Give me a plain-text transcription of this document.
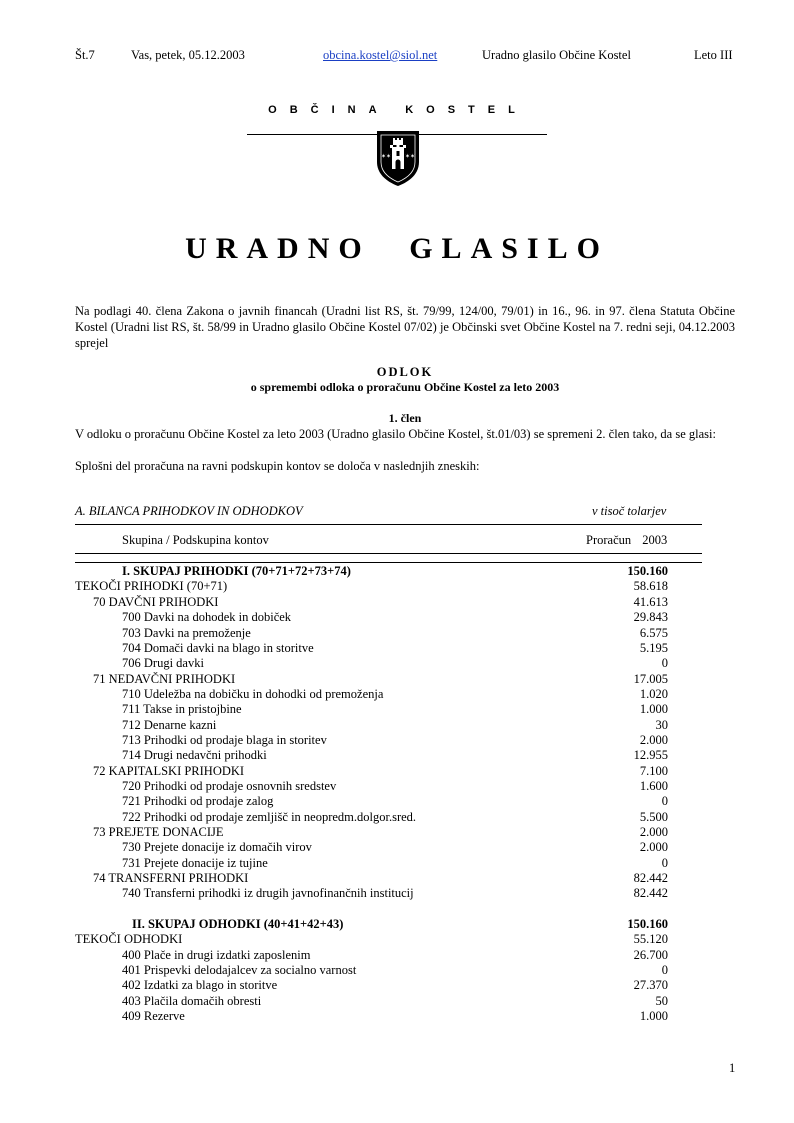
Št.7	Vas, petek, 05.12.2003	obcina.kostel@siol.net	Uradno glasilo Občine Kostel	Leto III
OBČINA KOSTEL
✶✶ ✶✶
URADNO GLASILO
Na podlagi 40. člena Zakona o javnih financah (Uradni list RS, št. 79/99, 124/00, 79/01) in 16., 96. in 97. člena Statuta Občine Kostel (Uradni list RS, št. 58/99 in Uradno glasilo Občine Kostel 07/02) je Občinski svet Občine Kostel na 7. redni seji, 04.12.2003 sprejel
ODLOK
o spremembi odloka o proračunu Občine Kostel za leto 2003
1. člen
V odloku o proračunu Občine Kostel za leto 2003 (Uradno glasilo Občine Kostel, št.01/03) se spremeni 2. člen tako, da se glasi:
Splošni del proračuna na ravni podskupin kontov se določa v naslednjih zneskih:
A. BILANCA PRIHODKOV IN ODHODKOV	v tisoč tolarjev
Skupina / Podskupina kontov	Proračun 2003
I. SKUPAJ PRIHODKI (70+71+72+73+74)	150.160
TEKOČI PRIHODKI (70+71)	58.618
70 DAVČNI PRIHODKI	41.613
700 Davki na dohodek in dobiček	29.843
703 Davki na premoženje	6.575
704 Domači davki na blago in storitve	5.195
706 Drugi davki	0
71 NEDAVČNI PRIHODKI	17.005
710 Udeležba na dobičku in dohodki od premoženja	1.020
711 Takse in pristojbine	1.000
712 Denarne kazni	30
713 Prihodki od prodaje blaga in storitev	2.000
714 Drugi nedavčni prihodki	12.955
72 KAPITALSKI PRIHODKI	7.100
720 Prihodki od prodaje osnovnih sredstev	1.600
721 Prihodki od prodaje zalog	0
722 Prihodki od prodaje zemljišč in neopredm.dolgor.sred.	5.500
73 PREJETE DONACIJE	2.000
730 Prejete donacije iz domačih virov	2.000
731 Prejete donacije iz tujine	0
74 TRANSFERNI PRIHODKI	82.442
740 Transferni prihodki iz drugih javnofinančnih institucij	82.442
II. SKUPAJ ODHODKI (40+41+42+43)	150.160
TEKOČI ODHODKI	55.120
400 Plače in drugi izdatki zaposlenim	26.700
401 Prispevki delodajalcev za socialno varnost	0
402 Izdatki za blago in storitve	27.370
403 Plačila domačih obresti	50
409 Rezerve	1.000
1
